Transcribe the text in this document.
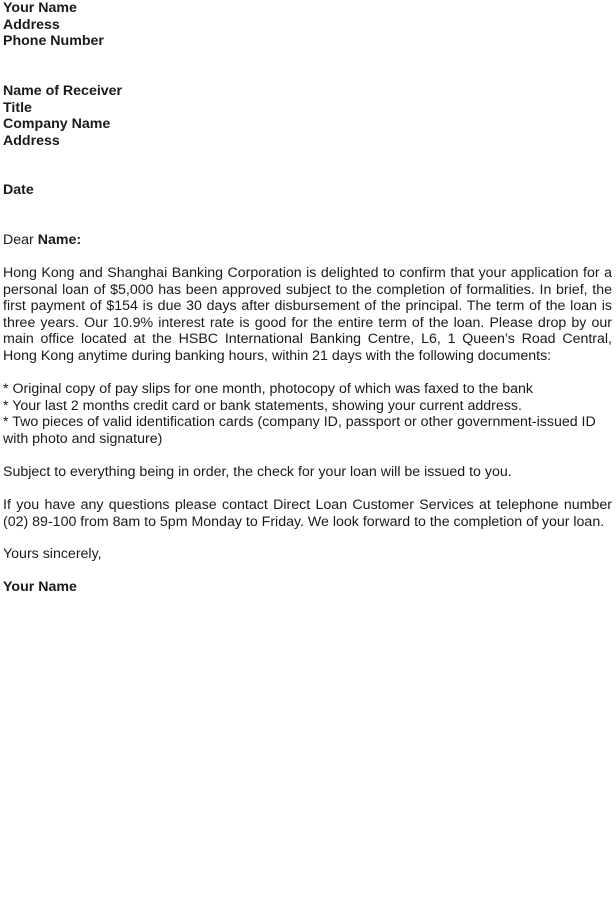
Your Name
Address
Phone Number
Name of Receiver
Title
Company Name
Address
Date
Dear Name:
Hong Kong and Shanghai Banking Corporation is delighted to confirm that your application for a
personal loan of $5,000 has been approved subject to the completion of formalities. In brief, the
first payment of $154 is due 30 days after disbursement of the principal. The term of the loan is
three years. Our 10.9% interest rate is good for the entire term of the loan. Please drop by our
main office located at the HSBC International Banking Centre, L6, 1 Queen’s Road Central,
Hong Kong anytime during banking hours, within 21 days with the following documents:
* Original copy of pay slips for one month, photocopy of which was faxed to the bank
* Your last 2 months credit card or bank statements, showing your current address.
* Two pieces of valid identification cards (company ID, passport or other government-issued ID
with photo and signature)
Subject to everything being in order, the check for your loan will be issued to you.
If you have any questions please contact Direct Loan Customer Services at telephone number
(02) 89-100 from 8am to 5pm Monday to Friday. We look forward to the completion of your loan.
Yours sincerely,
Your Name
